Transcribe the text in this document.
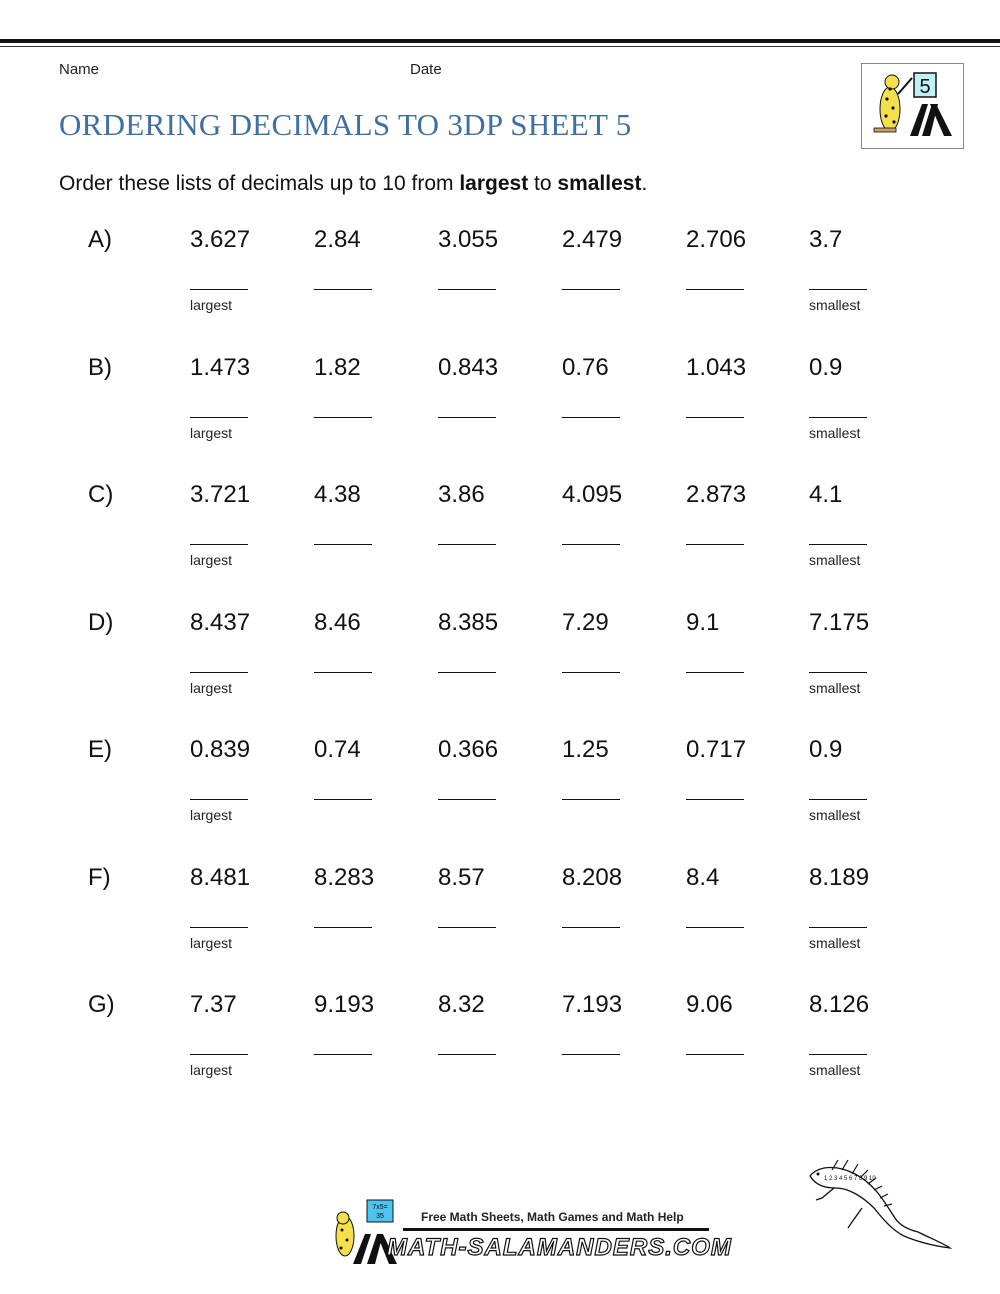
Name	Date
ORDERING DECIMALS TO 3DP SHEET 5
5
Order these lists of decimals up to 10 from largest to smallest.
A)	3.627	2.84	3.055	2.479	2.706	3.7
largest	smallest
B)	1.473	1.82	0.843	0.76	1.043	0.9
largest	smallest
C)	3.721	4.38	3.86	4.095	2.873	4.1
largest	smallest
D)	8.437	8.46	8.385	7.29	9.1	7.175
largest	smallest
E)	0.839	0.74	0.366	1.25	0.717	0.9
largest	smallest
F)	8.481	8.283	8.57	8.208	8.4	8.189
largest	smallest
G)	7.37	9.193	8.32	7.193	9.06	8.126
largest	smallest
1 2 3 4 5 6 7 8 9 10
7x5=
35	Free Math Sheets, Math Games and Math Help
MATH-SALAMANDERS.COM
